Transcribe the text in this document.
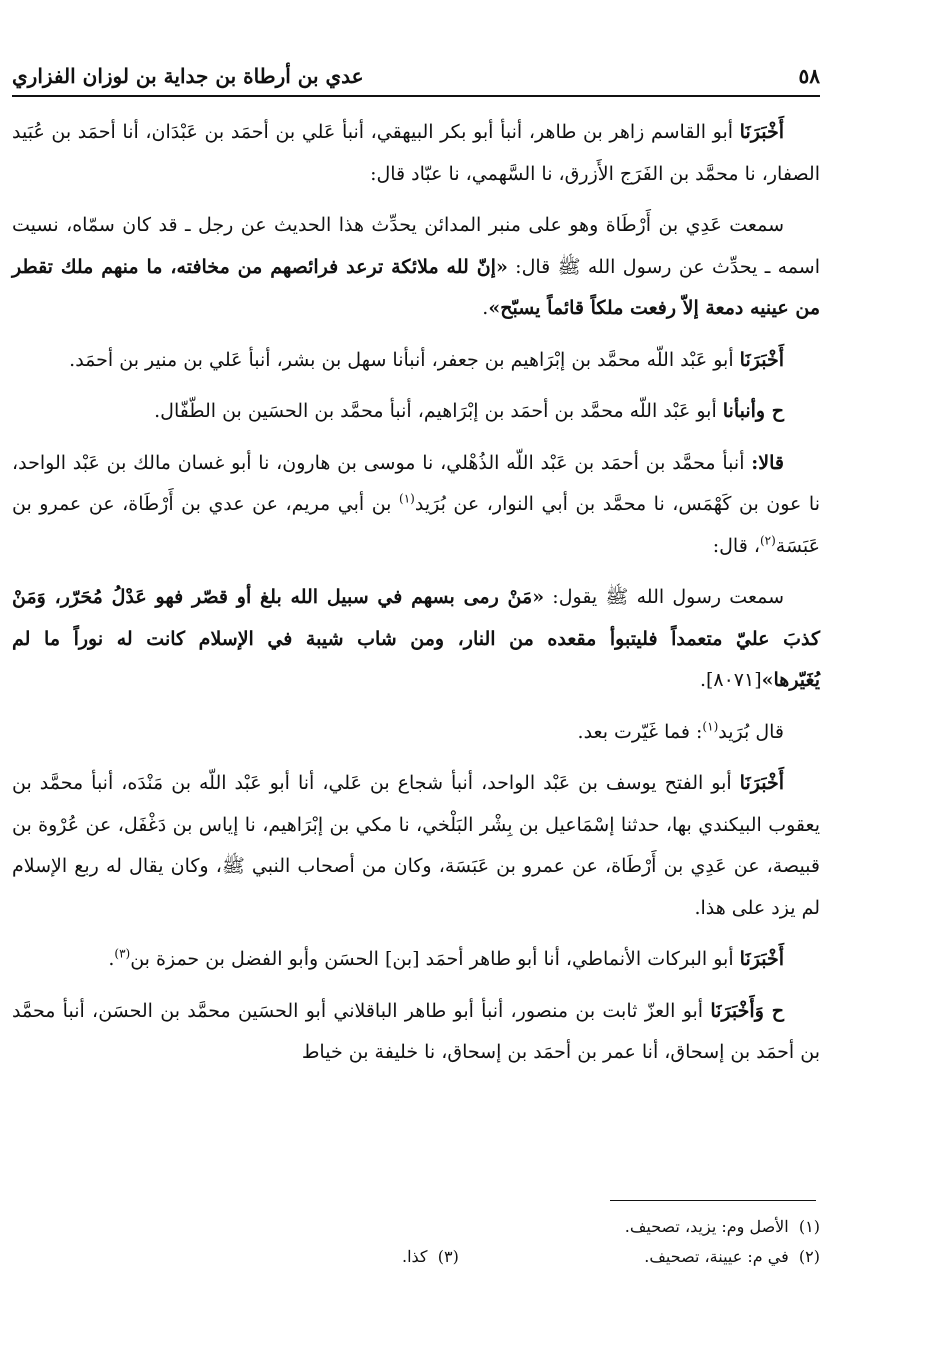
٥٨
عدي بن أرطاة بن جداية بن لوزان الفزاري

أَخْبَرَنَا أبو القاسم زاهر بن طاهر، أنبأ أبو بكر البيهقي، أنبأ عَلي بن أحمَد بن عَبْدَان، أنا أحمَد بن عُبَيد الصفار، نا محمَّد بن الفَرَج الأَزرق، نا السَّهمي، نا عبّاد قال:

سمعت عَدِي بن أَرْطَاة وهو على منبر المدائن يحدِّث هذا الحديث عن رجل ـ قد كان سمّاه، نسيت اسمه ـ يحدِّث عن رسول الله ﷺ قال: «إنّ لله ملائكة ترعد فرائصهم من مخافته، ما منهم ملك تقطر من عينيه دمعة إلاّ رفعت ملكاً قائماً يسبّح».

أَخْبَرَنَا أبو عَبْد اللّه محمَّد بن إبْرَاهيم بن جعفر، أنبأنا سهل بن بشر، أنبأ عَلي بن منير بن أحمَد.

ح وأنبأنا أبو عَبْد اللّه محمَّد بن أحمَد بن إبْرَاهيم، أنبأ محمَّد بن الحسَين بن الطّفّال.

قالا: أنبأ محمَّد بن أحمَد بن عَبْد اللّه الذُهْلي، نا موسى بن هارون، نا أبو غسان مالك بن عَبْد الواحد، نا عون بن كَهْمَس، نا محمَّد بن أبي النوار، عن بُرَيد$^{(١)}$ بن أبي مريم، عن عدي بن أَرْطَاة، عن عمرو بن عَبَسَة$^{(٢)}$، قال:

سمعت رسول الله ﷺ يقول: «مَنْ رمى بسهم في سبيل الله بلغ أو قصّر فهو عَدْلُ مُحَرّر، وَمَنْ كذبَ عليّ متعمداً فليتبوأ مقعده من النار، ومن شاب شيبة في الإسلام كانت له نوراً ما لم يُغَيّرها»[٨٠٧١].

قال بُرَيد$^{(١)}$: فما غَيّرت بعد.

أَخْبَرَنَا أبو الفتح يوسف بن عَبْد الواحد، أنبأ شجاع بن عَلي، أنا أبو عَبْد اللّه بن مَنْدَه، أنبأ محمَّد بن يعقوب البيكندي بها، حدثنا إسْمَاعيل بن بِشْر البَلْخي، نا مكي بن إبْرَاهيم، نا إياس بن دَغْفَل، عن عُرْوة بن قبيصة، عن عَدِي بن أَرْطَاة، عن عمرو بن عَبَسَة، وكان من أصحاب النبي ﷺ، وكان يقال له ربع الإسلام لم يزد على هذا.

أَخْبَرَنَا أبو البركات الأنماطي، أنا أبو طاهر أحمَد [بن] الحسَن وأبو الفضل بن حمزة بن$^{(٣)}$.

ح وَأَخْبَرَنَا أبو العزّ ثابت بن منصور، أنبأ أبو طاهر الباقلاني أبو الحسَين محمَّد بن الحسَن، أنبأ محمَّد بن أحمَد بن إسحاق، أنا عمر بن أحمَد بن إسحاق، نا خليفة بن خياط

(١)  الأصل وم: يزيد، تصحيف.
(٢)  في م: عيينة، تصحيف.
(٣)  كذا.
